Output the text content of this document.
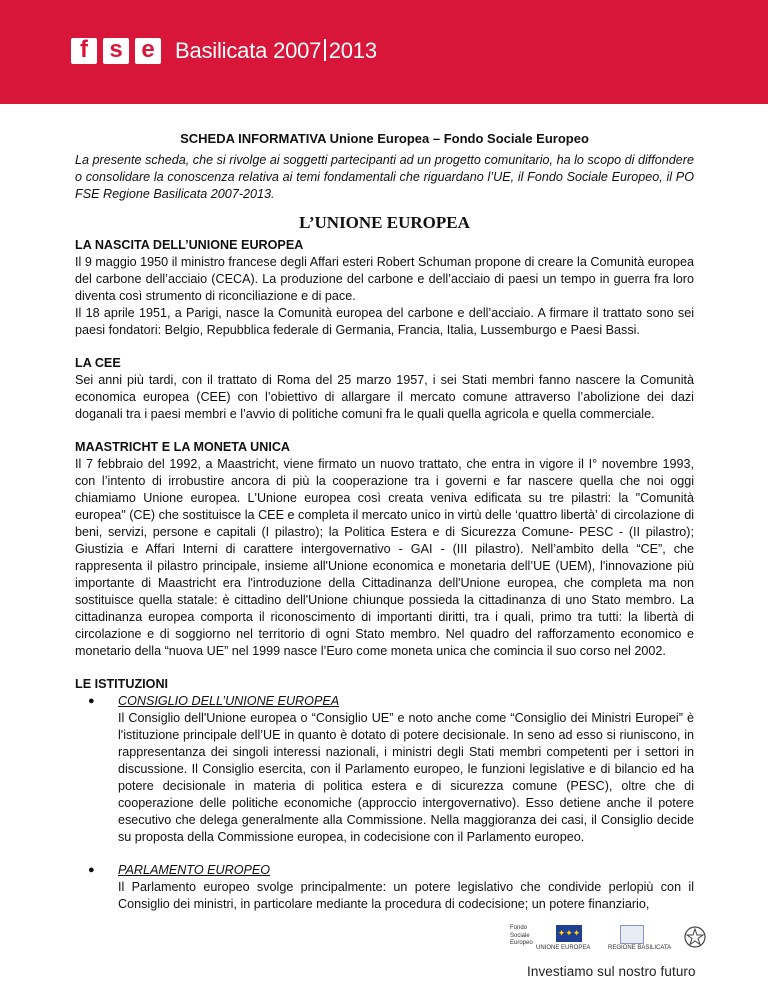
f s e Basilicata 2007 2013
SCHEDA INFORMATIVA Unione Europea – Fondo Sociale Europeo
La presente scheda, che si rivolge ai soggetti partecipanti ad un progetto comunitario, ha lo scopo di diffondere o consolidare la conoscenza relativa ai temi fondamentali che riguardano l’UE, il Fondo Sociale Europeo, il PO FSE Regione Basilicata 2007-2013.
L’UNIONE EUROPEA
LA NASCITA DELL’UNIONE EUROPEA

Il 9 maggio 1950 il ministro francese degli Affari esteri Robert Schuman propone di creare la Comunità europea del carbone dell’acciaio (CECA). La produzione del carbone e dell’acciaio di paesi un tempo in guerra fra loro diventa così strumento di riconciliazione e di pace.

Il 18 aprile 1951, a Parigi, nasce la Comunità europea del carbone e dell’acciaio. A firmare il trattato sono sei paesi fondatori: Belgio, Repubblica federale di Germania, Francia, Italia, Lussemburgo e Paesi Bassi.

LA CEE

Sei anni più tardi, con il trattato di Roma del 25 marzo 1957, i sei Stati membri fanno nascere la Comunità economica europea (CEE) con l’obiettivo di allargare il mercato comune attraverso l’abolizione dei dazi doganali tra i paesi membri e l’avvio di politiche comuni fra le quali quella agricola e quella commerciale.

MAASTRICHT E LA MONETA UNICA

Il 7 febbraio del 1992, a Maastricht, viene firmato un nuovo trattato, che entra in vigore il I° novembre 1993, con l’intento di irrobustire ancora di più la cooperazione tra i governi e far nascere quella che noi oggi chiamiamo Unione europea. L'Unione europea così creata veniva edificata su tre pilastri: la "Comunità europea" (CE) che sostituisce la CEE e completa il mercato unico in virtù delle ‘quattro libertà’ di circolazione di beni, servizi, persone e capitali (I pilastro); la Politica Estera e di Sicurezza Comune- PESC - (II pilastro); Giustizia e Affari Interni di carattere intergovernativo - GAI - (III pilastro). Nell’ambito della “CE”, che rappresenta il pilastro principale, insieme all'Unione economica e monetaria dell’UE (UEM), l'innovazione più importante di Maastricht era l'introduzione della Cittadinanza dell'Unione europea, che completa ma non sostituisce quella statale: è cittadino dell'Unione chiunque possieda la cittadinanza di uno Stato membro. La cittadinanza europea comporta il riconoscimento di importanti diritti, tra i quali, primo tra tutti: la libertà di circolazione e di soggiorno nel territorio di ogni Stato membro. Nel quadro del rafforzamento economico e monetario della “nuova UE” nel 1999 nasce l’Euro come moneta unica che comincia il suo corso nel 2002.

LE ISTITUZIONI
● CONSIGLIO DELL’UNIONE EUROPEA

Il Consiglio dell'Unione europea o “Consiglio UE” e noto anche come “Consiglio dei Ministri Europei” è l'istituzione principale dell’UE in quanto è dotato di potere decisionale. In seno ad esso si riuniscono, in rappresentanza dei singoli interessi nazionali, i ministri degli Stati membri competenti per i settori in discussione. Il Consiglio esercita, con il Parlamento europeo, le funzioni legislative e di bilancio ed ha potere decisionale in materia di politica estera e di sicurezza comune (PESC), oltre che di cooperazione delle politiche economiche (approccio intergovernativo). Esso detiene anche il potere esecutivo che delega generalmente alla Commissione. Nella maggioranza dei casi, il Consiglio decide su proposta della Commissione europea, in codecisione con il Parlamento europeo.

● PARLAMENTO EUROPEO

Il Parlamento europeo svolge principalmente: un potere legislativo che condivide perlopiù con il Consiglio dei ministri, in particolare mediante la procedura di codecisione; un potere finanziario,

Fondo
Sociale
Europeo
✦✦✦
UNIONE EUROPEA	REGIONE BASILICATA
Investiamo sul nostro futuro
